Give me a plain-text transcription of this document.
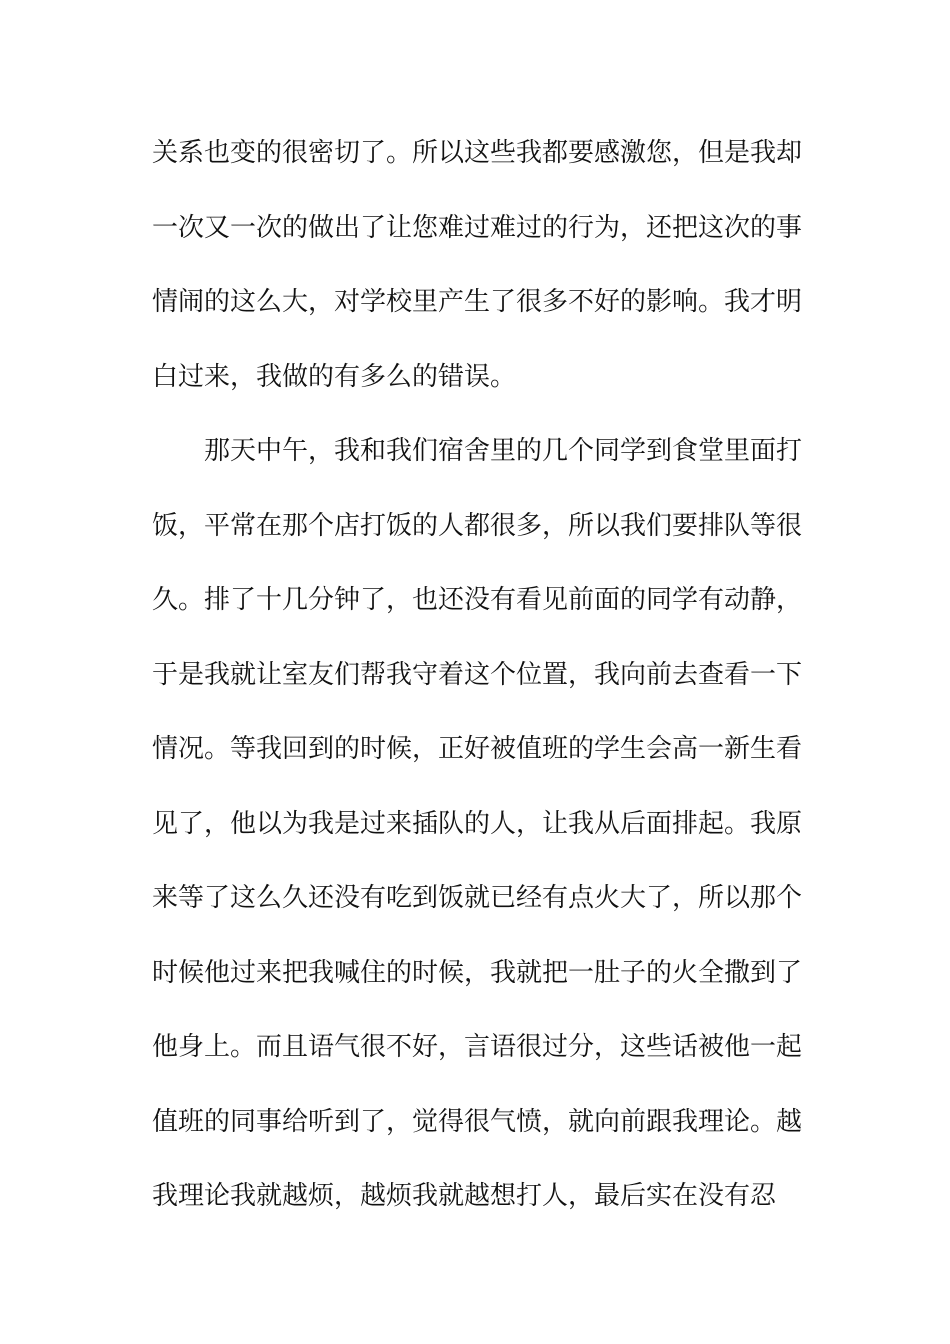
关系也变的很密切了。所以这些我都要感激您，但是我却
一次又一次的做出了让您难过难过的行为，还把这次的事
情闹的这么大，对学校里产生了很多不好的影响。我才明
白过来，我做的有多么的错误。
那天中午，我和我们宿舍里的几个同学到食堂里面打
饭，平常在那个店打饭的人都很多，所以我们要排队等很
久。排了十几分钟了，也还没有看见前面的同学有动静，
于是我就让室友们帮我守着这个位置，我向前去查看一下
情况。等我回到的时候，正好被值班的学生会高一新生看
见了，他以为我是过来插队的人，让我从后面排起。我原
来等了这么久还没有吃到饭就已经有点火大了，所以那个
时候他过来把我喊住的时候，我就把一肚子的火全撒到了
他身上。而且语气很不好，言语很过分，这些话被他一起
值班的同事给听到了，觉得很气愤，就向前跟我理论。越
我理论我就越烦，越烦我就越想打人，最后实在没有忍
